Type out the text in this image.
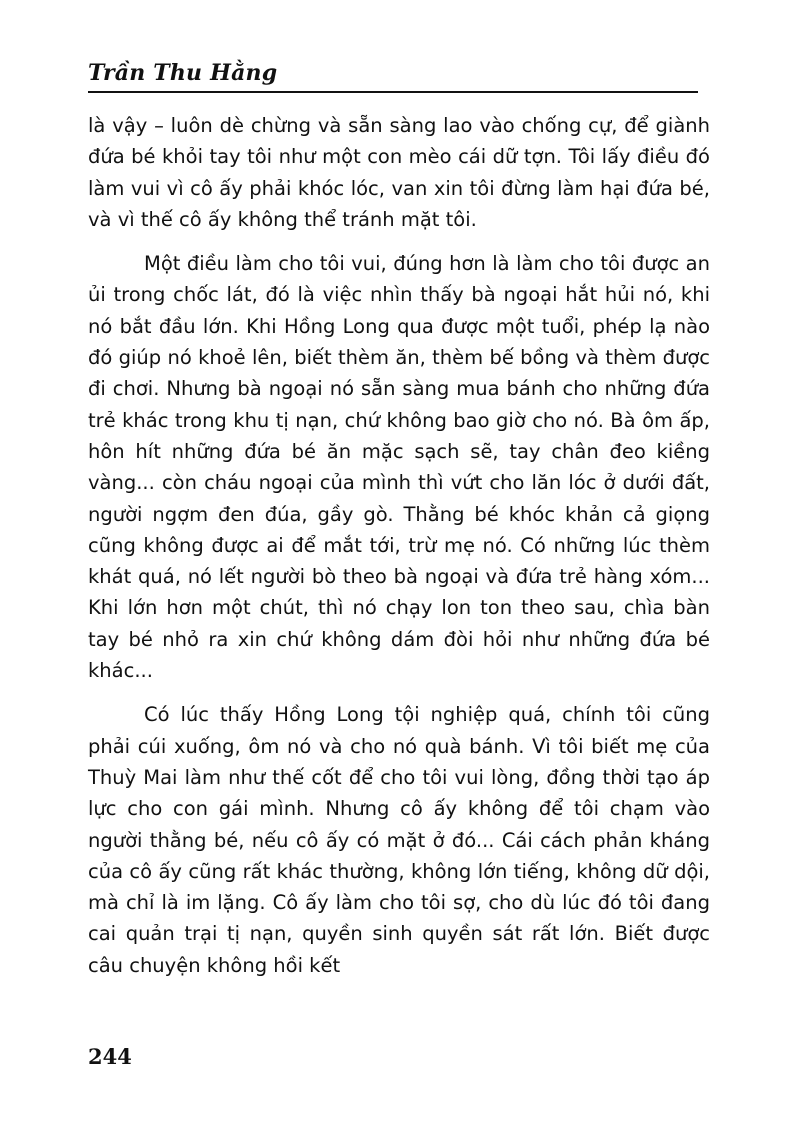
Trần Thu Hằng

là vậy – luôn dè chừng và sẵn sàng lao vào chống cự, để giành đứa bé khỏi tay tôi như một con mèo cái dữ tợn. Tôi lấy điều đó làm vui vì cô ấy phải khóc lóc, van xin tôi đừng làm hại đứa bé, và vì thế cô ấy không thể tránh mặt tôi.

Một điều làm cho tôi vui, đúng hơn là làm cho tôi được an ủi trong chốc lát, đó là việc nhìn thấy bà ngoại hắt hủi nó, khi nó bắt đầu lớn. Khi Hồng Long qua được một tuổi, phép lạ nào đó giúp nó khoẻ lên, biết thèm ăn, thèm bế bồng và thèm được đi chơi. Nhưng bà ngoại nó sẵn sàng mua bánh cho những đứa trẻ khác trong khu tị nạn, chứ không bao giờ cho nó. Bà ôm ấp, hôn hít những đứa bé ăn mặc sạch sẽ, tay chân đeo kiềng vàng... còn cháu ngoại của mình thì vứt cho lăn lóc ở dưới đất, người ngợm đen đúa, gầy gò. Thằng bé khóc khản cả giọng cũng không được ai để mắt tới, trừ mẹ nó. Có những lúc thèm khát quá, nó lết người bò theo bà ngoại và đứa trẻ hàng xóm... Khi lớn hơn một chút, thì nó chạy lon ton theo sau, chìa bàn tay bé nhỏ ra xin chứ không dám đòi hỏi như những đứa bé khác...

Có lúc thấy Hồng Long tội nghiệp quá, chính tôi cũng phải cúi xuống, ôm nó và cho nó quà bánh. Vì tôi biết mẹ của Thuỳ Mai làm như thế cốt để cho tôi vui lòng, đồng thời tạo áp lực cho con gái mình. Nhưng cô ấy không để tôi chạm vào người thằng bé, nếu cô ấy có mặt ở đó... Cái cách phản kháng của cô ấy cũng rất khác thường, không lớn tiếng, không dữ dội, mà chỉ là im lặng. Cô ấy làm cho tôi sợ, cho dù lúc đó tôi đang cai quản trại tị nạn, quyền sinh quyền sát rất lớn. Biết được câu chuyện không hồi kết

244
